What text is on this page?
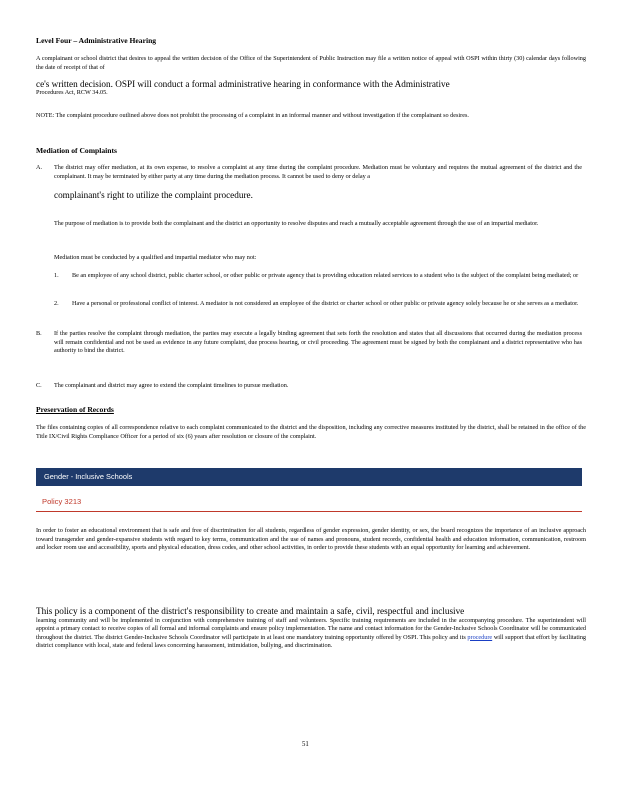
Level Four – Administrative Hearing

A complainant or school district that desires to appeal the written decision of the Office of the Superintendent of Public Instruction may file a written notice of appeal with OSPI within thirty (30) calendar days following the date of receipt of that of

ce's written decision. OSPI will conduct a formal administrative hearing in conformance with the Administrative

Procedures Act, RCW 34.05.

NOTE: The complaint procedure outlined above does not prohibit the processing of a complaint in an informal manner and without investigation if the complainant so desires.

Mediation of Complaints
A. The district may offer mediation, at its own expense, to resolve a complaint at any time during the complaint procedure. Mediation must be voluntary and requires the mutual agreement of the district and the complainant. It may be terminated by either party at any time during the mediation process. It cannot be used to deny or delay a
complainant's right to utilize the complaint procedure.
The purpose of mediation is to provide both the complainant and the district an opportunity to resolve disputes and reach a mutually acceptable agreement through the use of an impartial mediator.
Mediation must be conducted by a qualified and impartial mediator who may not:
1. Be an employee of any school district, public charter school, or other public or private agency that is providing education related services to a student who is the subject of the complaint being mediated; or
2. Have a personal or professional conflict of interest. A mediator is not considered an employee of the district or charter school or other public or private agency solely because he or she serves as a mediator.
B. If the parties resolve the complaint through mediation, the parties may execute a legally binding agreement that sets forth the resolution and states that all discussions that occurred during the mediation process will remain confidential and not be used as evidence in any future complaint, due process hearing, or civil proceeding. The agreement must be signed by both the complainant and a district representative who has authority to bind the district.
C. The complainant and district may agree to extend the complaint timelines to pursue mediation.
Preservation of Records

The files containing copies of all correspondence relative to each complaint communicated to the district and the disposition, including any corrective measures instituted by the district, shall be retained in the office of the Title IX/Civil Rights Compliance Officer for a period of six (6) years after resolution or closure of the complaint.

Gender - Inclusive Schools
Policy 3213

In order to foster an educational environment that is safe and free of discrimination for all students, regardless of gender expression, gender identity, or sex, the board recognizes the importance of an inclusive approach toward transgender and gender-expansive students with regard to key terms, communication and the use of names and pronouns, student records, confidential health and education information, communication, restroom and locker room use and accessibility, sports and physical education, dress codes, and other school activities, in order to provide these students with an equal opportunity for learning and achievement.

This policy is a component of the district's responsibility to create and maintain a safe, civil, respectful and inclusive

learning community and will be implemented in conjunction with comprehensive training of staff and volunteers. Specific training requirements are included in the accompanying procedure. The superintendent will appoint a primary contact to receive copies of all formal and informal complaints and ensure policy implementation. The name and contact information for the Gender-Inclusive Schools Coordinator will be communicated throughout the district. The district Gender-Inclusive Schools Coordinator will participate in at least one mandatory training opportunity offered by OSPI. This policy and its procedure will support that effort by facilitating district compliance with local, state and federal laws concerning harassment, intimidation, bullying, and discrimination.

51
